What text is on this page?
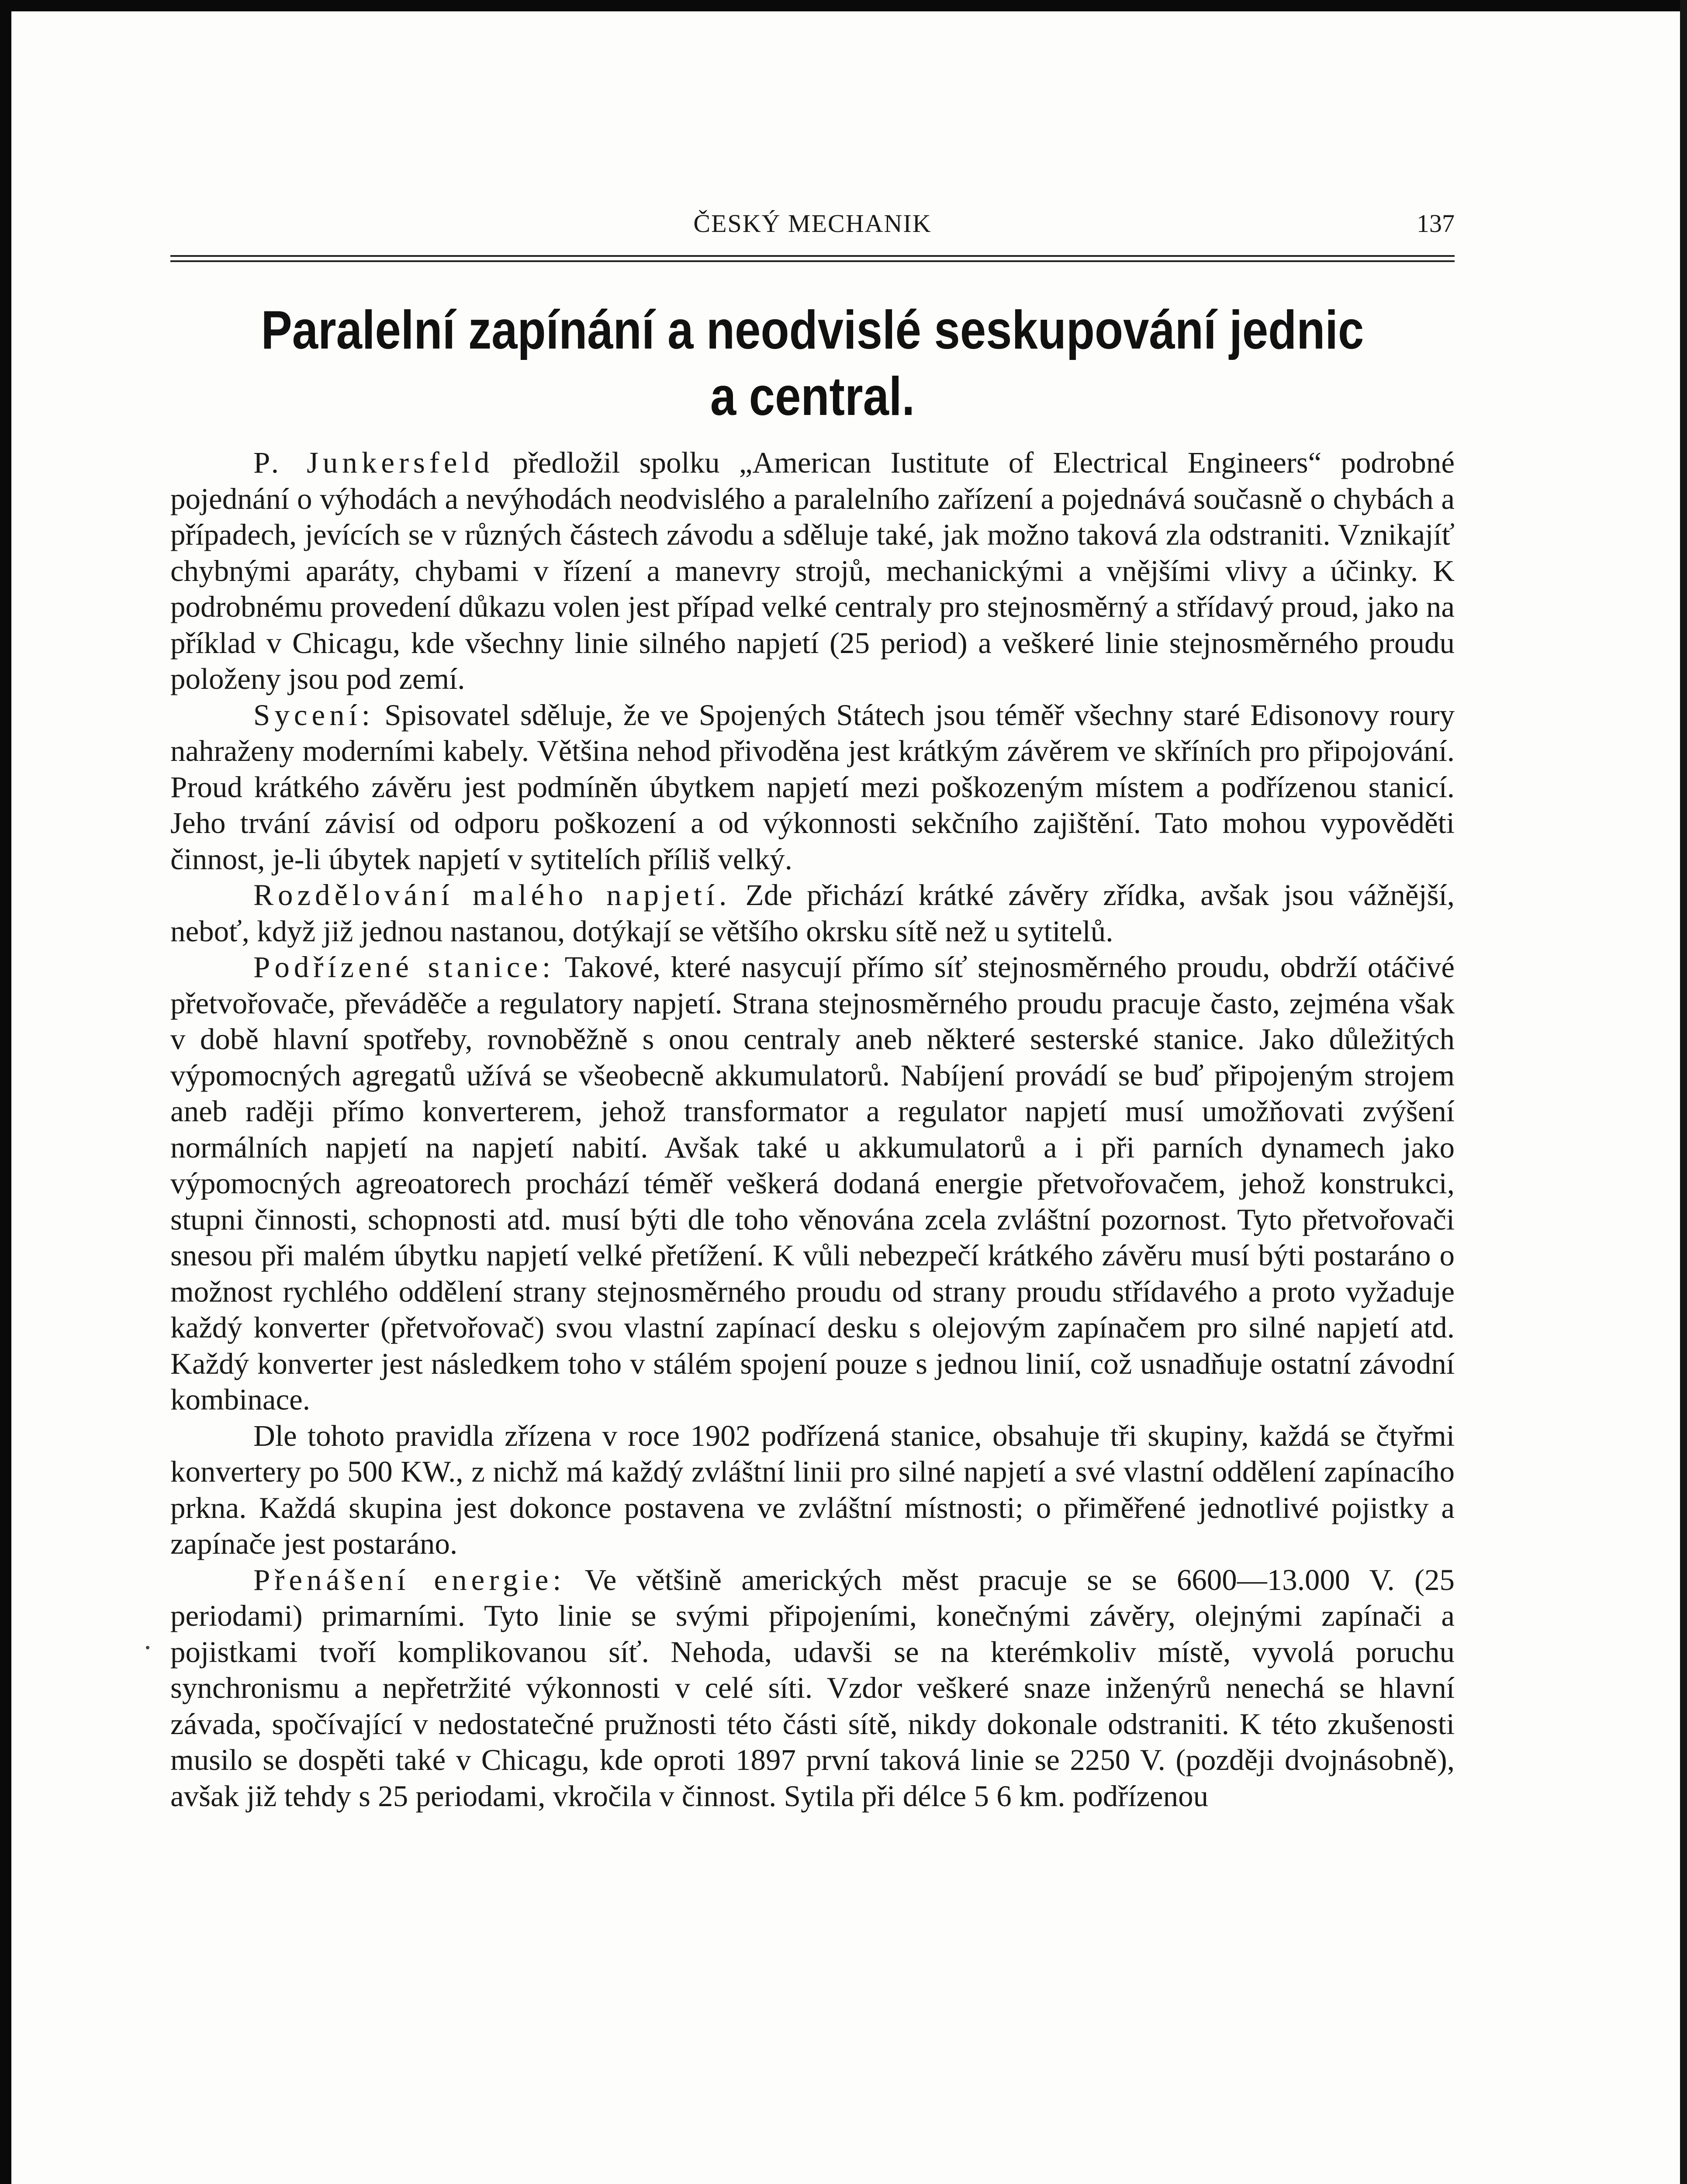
ČESKÝ MECHANIK	137
Paralelní zapínání a neodvislé seskupování jednic a central.

P. Junkersfeld předložil spolku „American Iustitute of Electrical Engineers“ podrobné pojednání o výhodách a nevýhodách neodvislého a paralelního zařízení a pojednává současně o chybách a případech, jevících se v různých částech závodu a sděluje také, jak možno taková zla odstraniti. Vznikajíť chybnými aparáty, chybami v řízení a manevry strojů, mechanickými a vnějšími vlivy a účinky. K podrobnému provedení důkazu volen jest případ velké centraly pro stejnosměrný a střídavý proud, jako na příklad v Chicagu, kde všechny linie silného napjetí (25 period) a veškeré linie stejnosměrného proudu položeny jsou pod zemí.

Sycení: Spisovatel sděluje, že ve Spojených Státech jsou téměř všechny staré Edisonovy roury nahraženy moderními kabely. Většina nehod přivoděna jest krátkým závěrem ve skříních pro připojování. Proud krátkého závěru jest podmíněn úbytkem napjetí mezi poškozeným místem a podřízenou stanicí. Jeho trvání závisí od odporu poškození a od výkonnosti sekčního zajištění. Tato mohou vypověděti činnost, je-li úbytek napjetí v sytitelích příliš velký.

Rozdělování malého napjetí. Zde přichází krátké závěry zřídka, avšak jsou vážnější, neboť, když již jednou nastanou, dotýkají se většího okrsku sítě než u sytitelů.

Podřízené stanice: Takové, které nasycují přímo síť stejnosměrného proudu, obdrží otáčivé přetvořovače, převáděče a regulatory napjetí. Strana stejnosměrného proudu pracuje často, zejména však v době hlavní spotřeby, rovnoběžně s onou centraly aneb některé sesterské stanice. Jako důležitých výpomocných agregatů užívá se všeobecně akkumulatorů. Nabíjení provádí se buď připojeným strojem aneb raději přímo konverterem, jehož transformator a regulator napjetí musí umožňovati zvýšení normálních napjetí na napjetí nabití. Avšak také u akkumulatorů a i při parních dynamech jako výpomocných agreoatorech prochází téměř veškerá dodaná energie přetvořovačem, jehož konstrukci, stupni činnosti, schopnosti atd. musí býti dle toho věnována zcela zvláštní pozornost. Tyto přetvořovači snesou při malém úbytku napjetí velké přetížení. K vůli nebezpečí krátkého závěru musí býti postaráno o možnost rychlého oddělení strany stejnosměrného proudu od strany proudu střídavého a proto vyžaduje každý konverter (přetvořovač) svou vlastní zapínací desku s olejovým zapínačem pro silné napjetí atd. Každý konverter jest následkem toho v stálém spojení pouze s jednou linií, což usnadňuje ostatní závodní kombinace.

Dle tohoto pravidla zřízena v roce 1902 podřízená stanice, obsahuje tři skupiny, každá se čtyřmi konvertery po 500 KW., z nichž má každý zvláštní linii pro silné napjetí a své vlastní oddělení zapínacího prkna. Každá skupina jest dokonce postavena ve zvláštní místnosti; o přiměřené jednotlivé pojistky a zapínače jest postaráno.

Přenášení energie: Ve většině amerických měst pracuje se se 6600—13.000 V. (25 periodami) primarními. Tyto linie se svými připojeními, konečnými závěry, olejnými zapínači a pojistkami tvoří komplikovanou síť. Nehoda, udavši se na kterémkoliv místě, vyvolá poruchu synchronismu a nepřetržité výkonnosti v celé síti. Vzdor veškeré snaze inženýrů nenechá se hlavní závada, spočívající v nedostatečné pružnosti této části sítě, nikdy dokonale odstraniti. K této zkušenosti musilo se dospěti také v Chicagu, kde oproti 1897 první taková linie se 2250 V. (později dvojnásobně), avšak již tehdy s 25 periodami, vkročila v činnost. Sytila při délce 5 6 km. podřízenou
